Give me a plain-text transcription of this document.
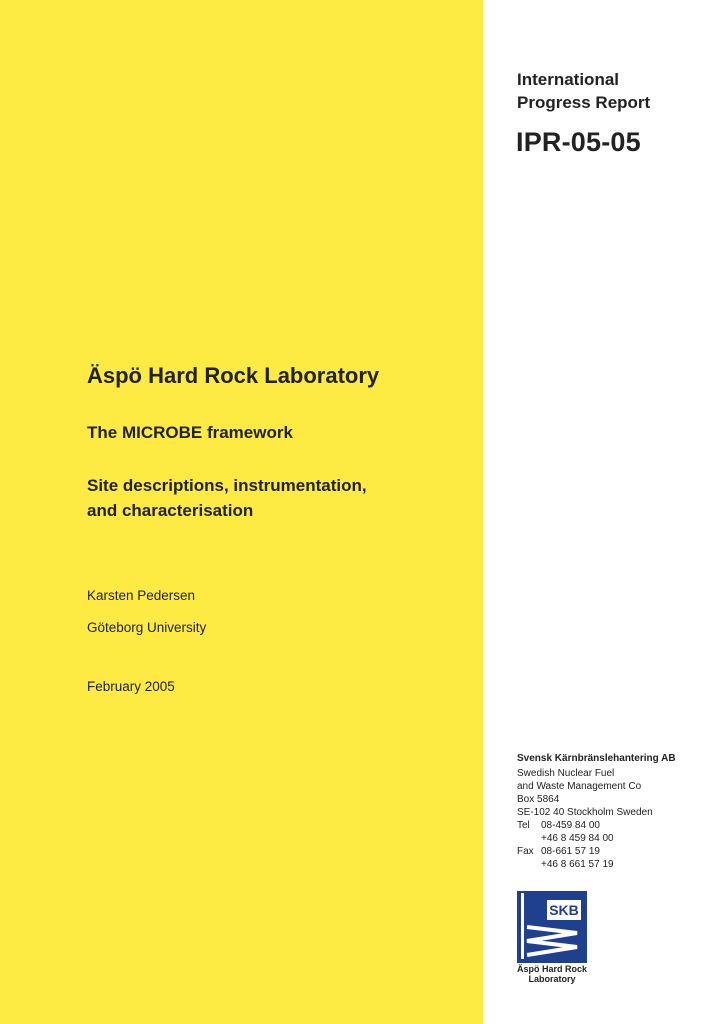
International
Progress Report
IPR-05-05
Äspö Hard Rock Laboratory
The MICROBE framework
Site descriptions, instrumentation,
and characterisation
Karsten Pedersen
Göteborg University
February 2005
Svensk Kärnbränslehantering AB
Swedish Nuclear Fuel
and Waste Management Co
Box 5864
SE-102 40 Stockholm Sweden
Tel 08-459 84 00
+46 8 459 84 00
Fax 08-661 57 19
+46 8 661 57 19
SKB
Äspö Hard Rock
Laboratory
